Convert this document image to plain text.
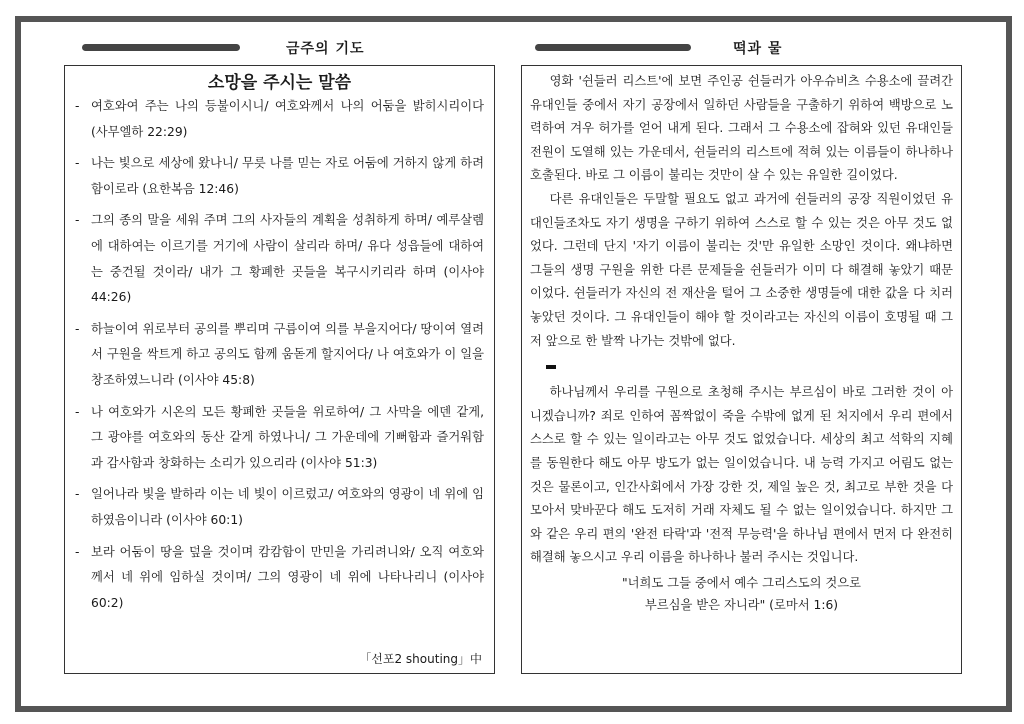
금주의 기도	떡과 물
소망을 주시는 말씀
- 여호와여 주는 나의 등불이시니/ 여호와께서 나의 어둠을 밝히시리이다 (사무엘하 22:29)
- 나는 빛으로 세상에 왔나니/ 무릇 나를 믿는 자로 어둠에 거하지 않게 하려 함이로라 (요한복음 12:46)
- 그의 종의 말을 세워 주며 그의 사자들의 계획을 성취하게 하며/ 예루살렘에 대하여는 이르기를 거기에 사람이 살리라 하며/ 유다 성읍들에 대하여는 중건될 것이라/ 내가 그 황폐한 곳들을 복구시키리라 하며 (이사야 44:26)
- 하늘이여 위로부터 공의를 뿌리며 구름이여 의를 부을지어다/ 땅이여 열려서 구원을 싹트게 하고 공의도 함께 움돋게 할지어다/ 나 여호와가 이 일을 창조하였느니라 (이사야 45:8)
- 나 여호와가 시온의 모든 황폐한 곳들을 위로하여/ 그 사막을 에덴 같게, 그 광야를 여호와의 동산 같게 하였나니/ 그 가운데에 기뻐함과 즐거워함과 감사함과 창화하는 소리가 있으리라 (이사야 51:3)
- 일어나라 빛을 발하라 이는 네 빛이 이르렀고/ 여호와의 영광이 네 위에 임하였음이니라 (이사야 60:1)
- 보라 어둠이 땅을 덮을 것이며 캄캄함이 만민을 가리려니와/ 오직 여호와께서 네 위에 임하실 것이며/ 그의 영광이 네 위에 나타나리니 (이사야 60:2)
「선포2 shouting」中

영화 '쉰들러 리스트'에 보면 주인공 쉰들러가 아우슈비츠 수용소에 끌려간 유대인들 중에서 자기 공장에서 일하던 사람들을 구출하기 위하여 백방으로 노력하여 겨우 허가를 얻어 내게 된다. 그래서 그 수용소에 잡혀와 있던 유대인들 전원이 도열해 있는 가운데서, 쉰들러의 리스트에 적혀 있는 이름들이 하나하나 호출된다. 바로 그 이름이 불리는 것만이 살 수 있는 유일한 길이었다.

다른 유대인들은 두말할 필요도 없고 과거에 쉰들러의 공장 직원이었던 유대인들조차도 자기 생명을 구하기 위하여 스스로 할 수 있는 것은 아무 것도 없었다. 그런데 단지 '자기 이름이 불리는 것'만 유일한 소망인 것이다. 왜냐하면 그들의 생명 구원을 위한 다른 문제들을 쉰들러가 이미 다 해결해 놓았기 때문이었다. 쉰들러가 자신의 전 재산을 털어 그 소중한 생명들에 대한 값을 다 치러 놓았던 것이다. 그 유대인들이 해야 할 것이라고는 자신의 이름이 호명될 때 그저 앞으로 한 발짝 나가는 것밖에 없다.

하나님께서 우리를 구원으로 초청해 주시는 부르심이 바로 그러한 것이 아니겠습니까? 죄로 인하여 꼼짝없이 죽을 수밖에 없게 된 처지에서 우리 편에서 스스로 할 수 있는 일이라고는 아무 것도 없었습니다. 세상의 최고 석학의 지혜를 동원한다 해도 아무 방도가 없는 일이었습니다. 내 능력 가지고 어림도 없는 것은 물론이고, 인간사회에서 가장 강한 것, 제일 높은 것, 최고로 부한 것을 다 모아서 맞바꾼다 해도 도저히 거래 자체도 될 수 없는 일이었습니다. 하지만 그와 같은 우리 편의 '완전 타락'과 '전적 무능력'을 하나님 편에서 먼저 다 완전히 해결해 놓으시고 우리 이름을 하나하나 불러 주시는 것입니다.

"너희도 그들 중에서 예수 그리스도의 것으로
부르심을 받은 자니라" (로마서 1:6)
